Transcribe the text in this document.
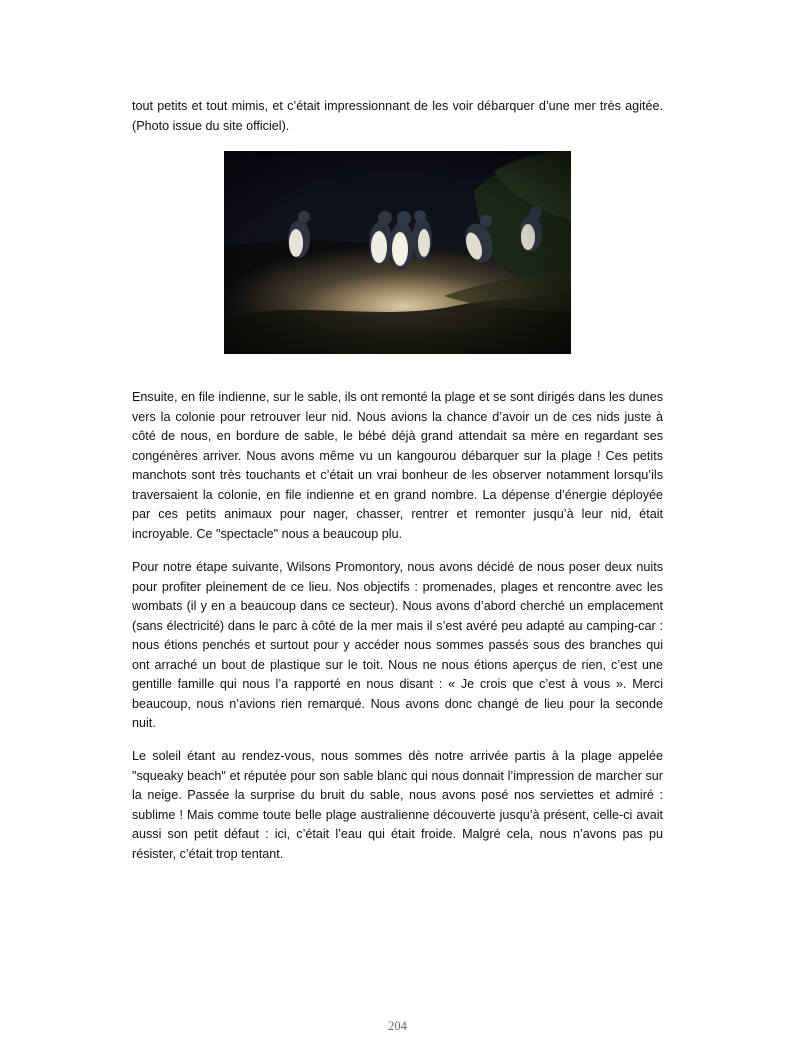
tout petits et tout mimis, et c’était impressionnant de les voir débarquer d’une mer très agitée. (Photo issue du site officiel).

Ensuite, en file indienne, sur le sable, ils ont remonté la plage et se sont dirigés dans les dunes vers la colonie pour retrouver leur nid. Nous avions la chance d’avoir un de ces nids juste à côté de nous, en bordure de sable, le bébé déjà grand attendait sa mère en regardant ses congénères arriver. Nous avons même vu un kangourou débarquer sur la plage ! Ces petits manchots sont très touchants et c’était un vrai bonheur de les observer notamment lorsqu’ils traversaient la colonie, en file indienne et en grand nombre. La dépense d’énergie déployée par ces petits animaux pour nager, chasser, rentrer et remonter jusqu’à leur nid, était incroyable. Ce "spectacle" nous a beaucoup plu.

Pour notre étape suivante, Wilsons Promontory, nous avons décidé de nous poser deux nuits pour profiter pleinement de ce lieu. Nos objectifs : promenades, plages et rencontre avec les wombats (il y en a beaucoup dans ce secteur). Nous avons d’abord cherché un emplacement (sans électricité) dans le parc à côté de la mer mais il s’est avéré peu adapté au camping-car : nous étions penchés et surtout pour y accéder nous sommes passés sous des branches qui ont arraché un bout de plastique sur le toit. Nous ne nous étions aperçus de rien, c’est une gentille famille qui nous l’a rapporté en nous disant : « Je crois que c’est à vous ». Merci beaucoup, nous n’avions rien remarqué. Nous avons donc changé de lieu pour la seconde nuit.

Le soleil étant au rendez-vous, nous sommes dès notre arrivée partis à la plage appelée "squeaky beach" et réputée pour son sable blanc qui nous donnait l’impression de marcher sur la neige. Passée la surprise du bruit du sable, nous avons posé nos serviettes et admiré : sublime ! Mais comme toute belle plage australienne découverte jusqu’à présent, celle-ci avait aussi son petit défaut : ici, c’était l’eau qui était froide. Malgré cela, nous n’avons pas pu résister, c’était trop tentant.

204
